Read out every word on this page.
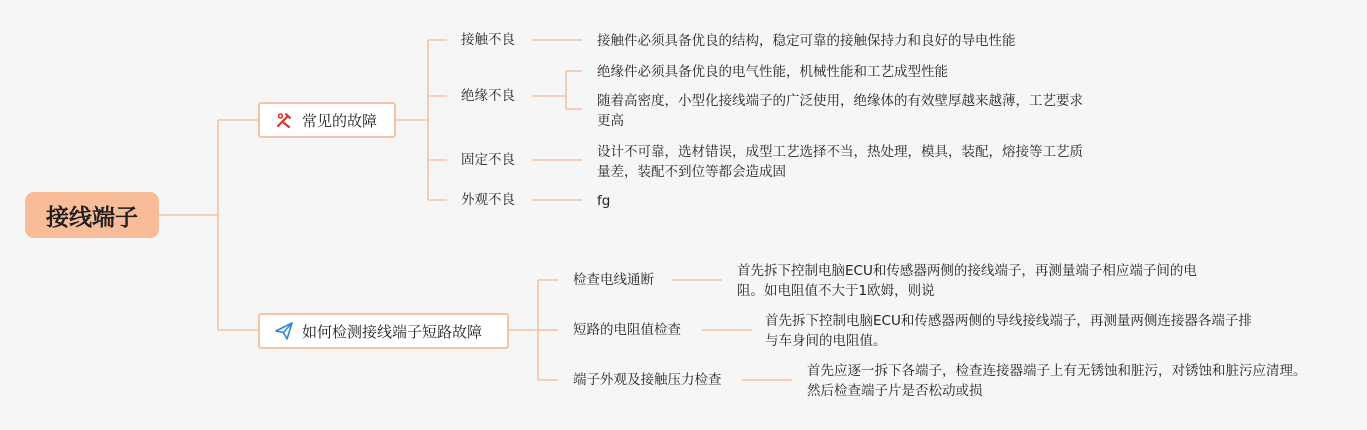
接线端子
常见的故障
接触不良
绝缘不良
固定不良
外观不良
接触件必须具备优良的结构，稳定可靠的接触保持力和良好的导电性能
绝缘件必须具备优良的电气性能，机械性能和工艺成型性能
随着高密度，小型化接线端子的广泛使用，绝缘体的有效壁厚越来越薄，工艺要求更高
设计不可靠，选材错误，成型工艺选择不当，热处理，模具，装配，熔接等工艺质量差，装配不到位等都会造成固
fg
如何检测接线端子短路故障
检查电线通断
短路的电阻值检查
端子外观及接触压力检查
首先拆下控制电脑ECU和传感器两侧的接线端子，再测量端子相应端子间的电阻。如电阻值不大于1欧姆，则说
首先拆下控制电脑ECU和传感器两侧的导线接线端子，再测量两侧连接器各端子排与车身间的电阻值。
首先应逐一拆下各端子，检查连接器端子上有无锈蚀和脏污，对锈蚀和脏污应清理。然后检查端子片是否松动或损
